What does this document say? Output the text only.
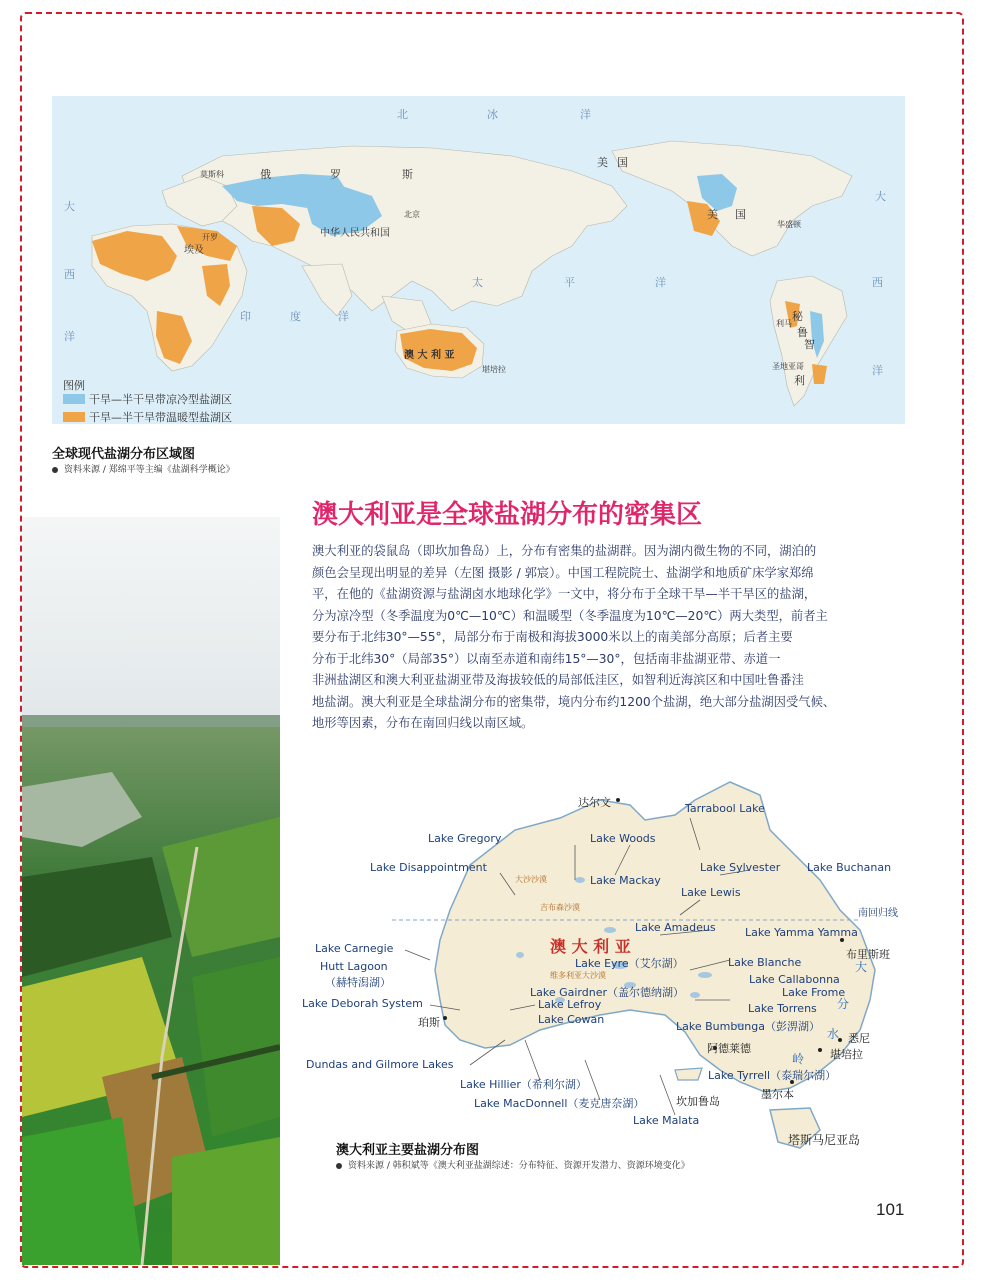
北	冰	洋
大
西
洋
大
西
洋
太	平	洋
印	度	洋
俄	罗	斯
中华人民共和国
美 国
美 国
埃及
澳 大 利 亚
秘
鲁
智
利
莫斯科
北京
开罗
华盛顿
利马
圣地亚哥
堪培拉
图例
干旱—半干旱带凉冷型盐湖区
干旱—半干旱带温暖型盐湖区
全球现代盐湖分布区域图
资料来源 / 郑绵平等主编《盐湖科学概论》
澳大利亚是全球盐湖分布的密集区
澳大利亚的袋鼠岛（即坎加鲁岛）上，分布有密集的盐湖群。因为湖内微生物的不同，湖泊的
颜色会呈现出明显的差异（左图 摄影 / 郭宸）。中国工程院院士、盐湖学和地质矿床学家郑绵
平，在他的《盐湖资源与盐湖卤水地球化学》一文中，将分布于全球干旱—半干旱区的盐湖，
分为凉冷型（冬季温度为0℃—10℃）和温暖型（冬季温度为10℃—20℃）两大类型，前者主
要分布于北纬30°—55°，局部分布于南极和海拔3000米以上的南美部分高原；后者主要
分布于北纬30°（局部35°）以南至赤道和南纬15°—30°，包括南非盐湖亚带、赤道一
非洲盐湖区和澳大利亚盐湖亚带及海拔较低的局部低洼区，如智利近海滨区和中国吐鲁番洼
地盐湖。澳大利亚是全球盐湖分布的密集带，境内分布约1200个盐湖，绝大部分盐湖因受气候、
地形等因素，分布在南回归线以南区域。
达尔文	Tarrabool Lake
Lake Gregory	Lake Woods
Lake Sylvester Lake Buchanan
Lake Disappointment
Lake Mackay
Lake Lewis
大沙沙漠
吉布森沙漠
南回归线
Lake Amadeus	Lake Yamma Yamma
澳 大 利 亚
Lake Carnegie	布里斯班
Lake Eyre（艾尔湖）	Lake Blanche
Hutt Lagoon
（赫特潟湖）
维多利亚大沙漠	Lake Callabonna
Lake Gairdner（盖尔德纳湖）	Lake Frome
Lake Deborah System	Lake Lefroy	Lake Torrens
珀斯	Lake Cowan
Lake Bumbunga（彭淠湖）
悉尼
阿德莱德	堪培拉
大
分
水
岭
Dundas and Gilmore Lakes
Lake Tyrrell（泰瑞尔湖）
墨尔本
Lake Hillier（希利尔湖）
坎加鲁岛
Lake MacDonnell（麦克唐奈湖）
Lake Malata
塔斯马尼亚岛
澳大利亚主要盐湖分布图
资料来源 / 韩积斌等《澳大利亚盐湖综述：分布特征、资源开发潜力、资源环境变化》
101
